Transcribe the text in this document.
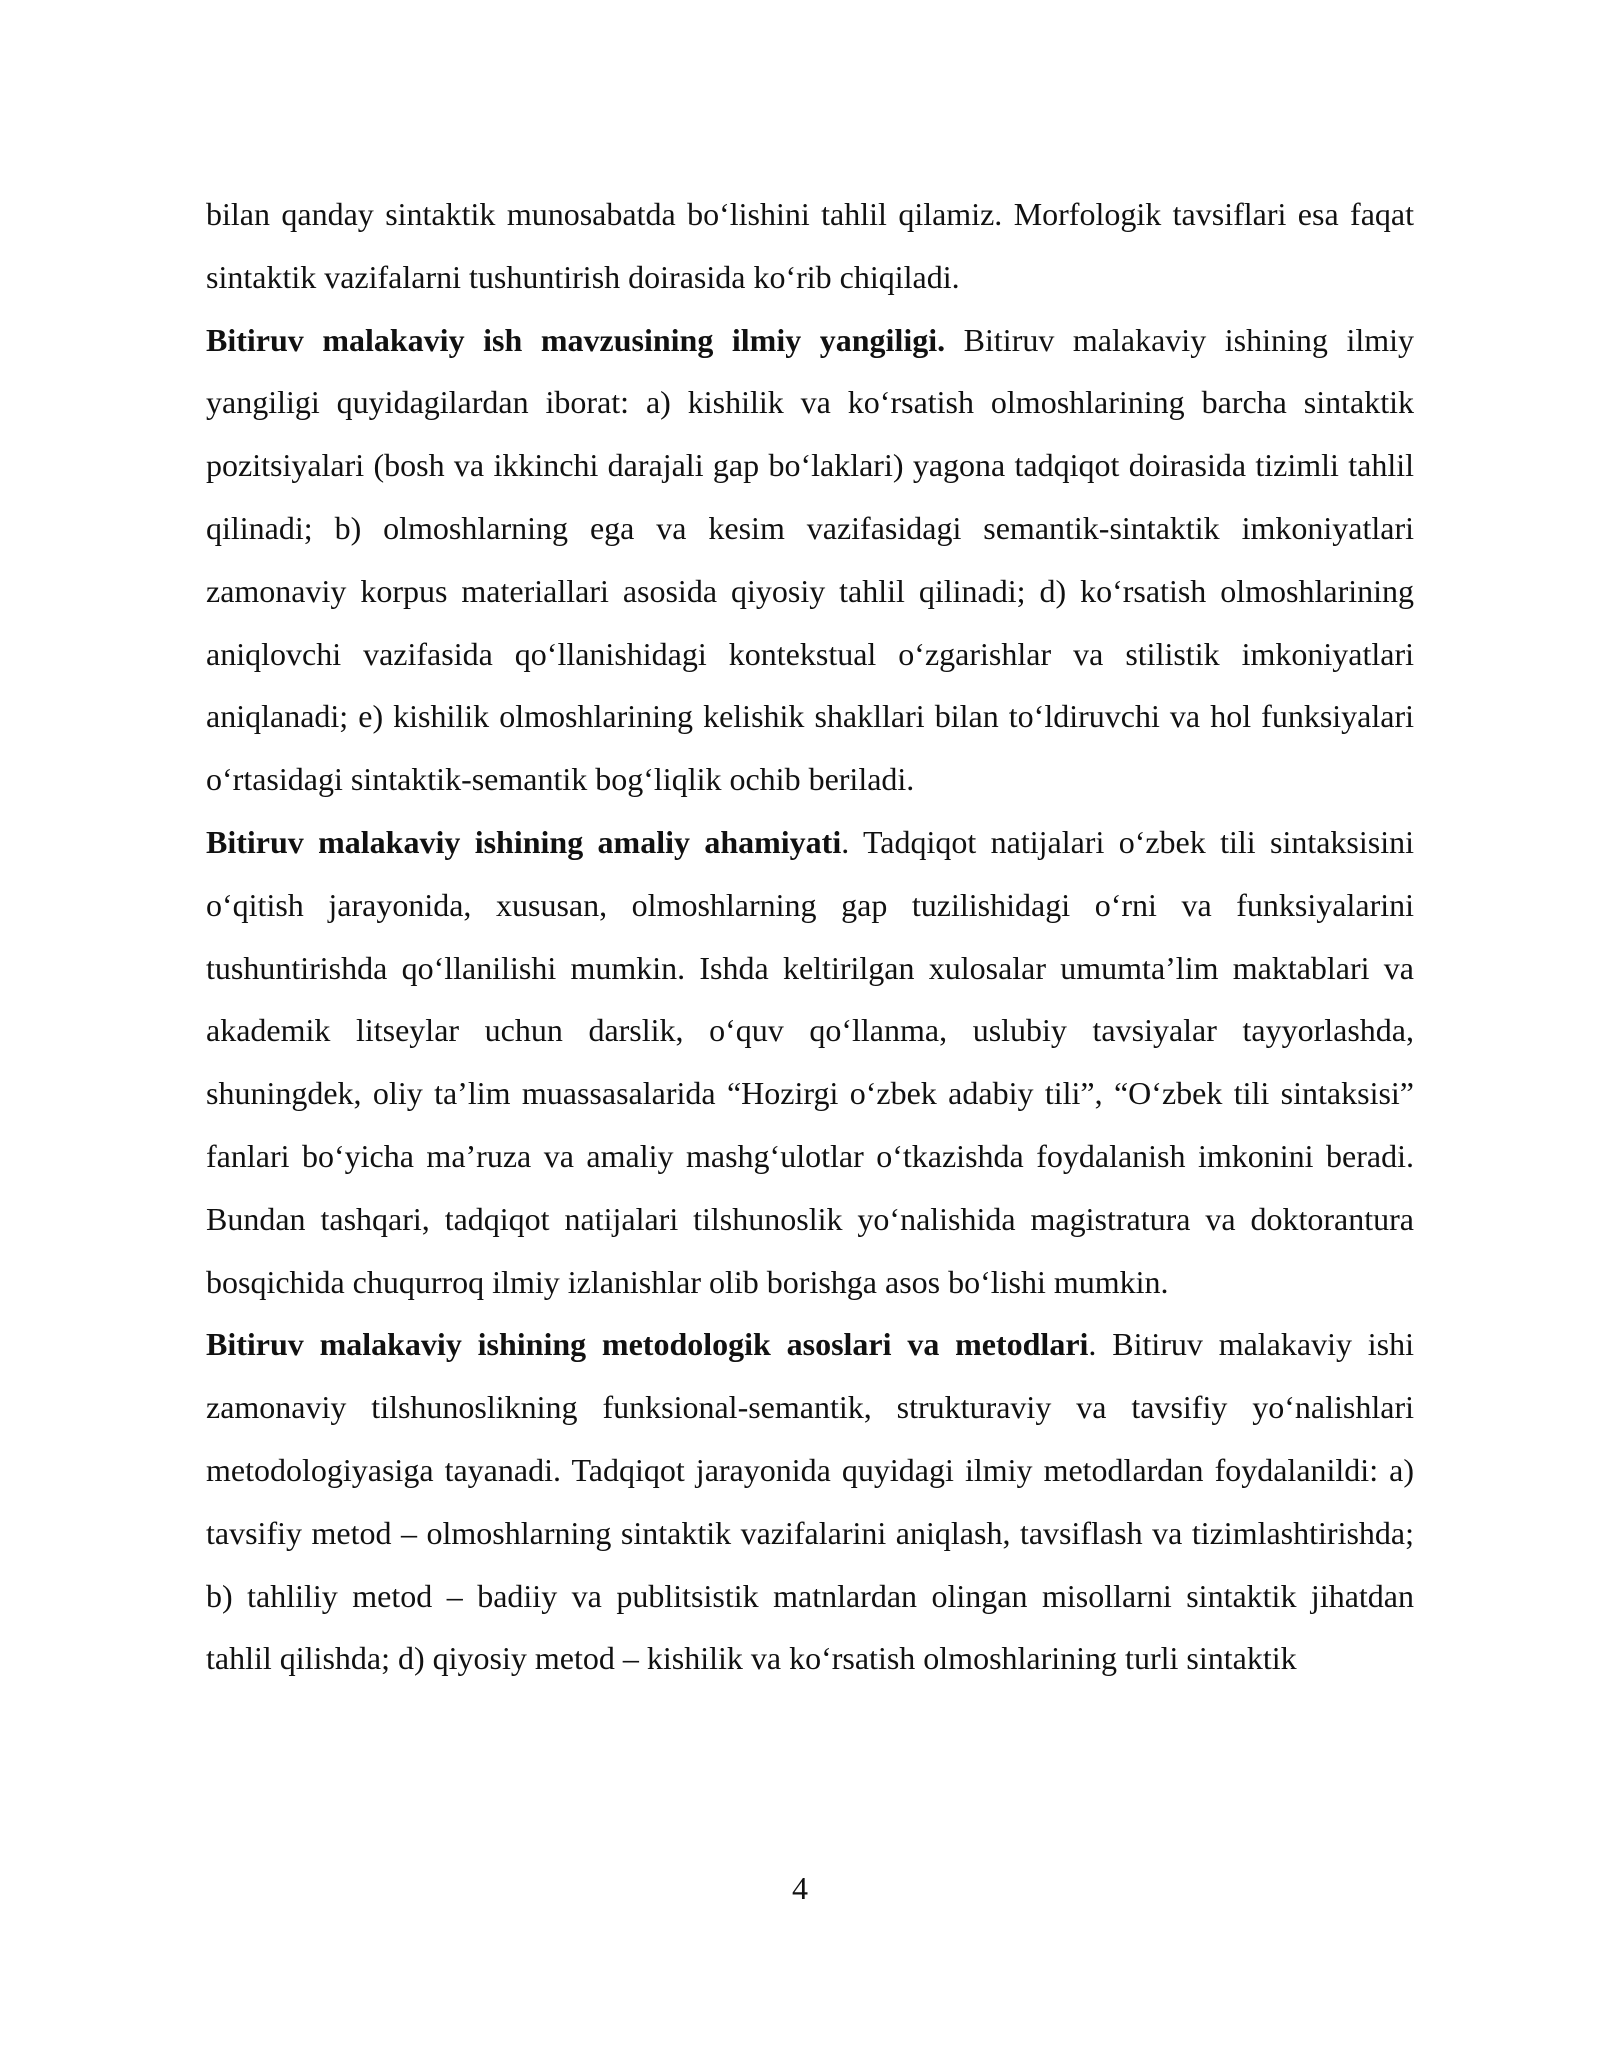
bilan qanday sintaktik munosabatda bo‘lishini tahlil qilamiz. Morfologik tavsiflari esa faqat sintaktik vazifalarni tushuntirish doirasida ko‘rib chiqiladi.

Bitiruv malakaviy ish mavzusining ilmiy yangiligi. Bitiruv malakaviy ishining ilmiy yangiligi quyidagilardan iborat: a) kishilik va ko‘rsatish olmoshlarining barcha sintaktik pozitsiyalari (bosh va ikkinchi darajali gap bo‘laklari) yagona tadqiqot doirasida tizimli tahlil qilinadi; b) olmoshlarning ega va kesim vazifasidagi semantik-sintaktik imkoniyatlari zamonaviy korpus materiallari asosida qiyosiy tahlil qilinadi; d) ko‘rsatish olmoshlarining aniqlovchi vazifasida qo‘llanishidagi kontekstual o‘zgarishlar va stilistik imkoniyatlari aniqlanadi; e) kishilik olmoshlarining kelishik shakllari bilan to‘ldiruvchi va hol funksiyalari o‘rtasidagi sintaktik-semantik bog‘liqlik ochib beriladi.

Bitiruv malakaviy ishining amaliy ahamiyati. Tadqiqot natijalari o‘zbek tili sintaksisini o‘qitish jarayonida, xususan, olmoshlarning gap tuzilishidagi o‘rni va funksiyalarini tushuntirishda qo‘llanilishi mumkin. Ishda keltirilgan xulosalar umumta’lim maktablari va akademik litseylar uchun darslik, o‘quv qo‘llanma, uslubiy tavsiyalar tayyorlashda, shuningdek, oliy ta’lim muassasalarida “Hozirgi o‘zbek adabiy tili”, “O‘zbek tili sintaksisi” fanlari bo‘yicha ma’ruza va amaliy mashg‘ulotlar o‘tkazishda foydalanish imkonini beradi. Bundan tashqari, tadqiqot natijalari tilshunoslik yo‘nalishida magistratura va doktorantura bosqichida chuqurroq ilmiy izlanishlar olib borishga asos bo‘lishi mumkin.

Bitiruv malakaviy ishining metodologik asoslari va metodlari. Bitiruv malakaviy ishi zamonaviy tilshunoslikning funksional-semantik, strukturaviy va tavsifiy yo‘nalishlari metodologiyasiga tayanadi. Tadqiqot jarayonida quyidagi ilmiy metodlardan foydalanildi: a) tavsifiy metod – olmoshlarning sintaktik vazifalarini aniqlash, tavsiflash va tizimlashtirishda; b) tahliliy metod – badiiy va publitsistik matnlardan olingan misollarni sintaktik jihatdan tahlil qilishda; d) qiyosiy metod – kishilik va ko‘rsatish olmoshlarining turli sintaktik

4
